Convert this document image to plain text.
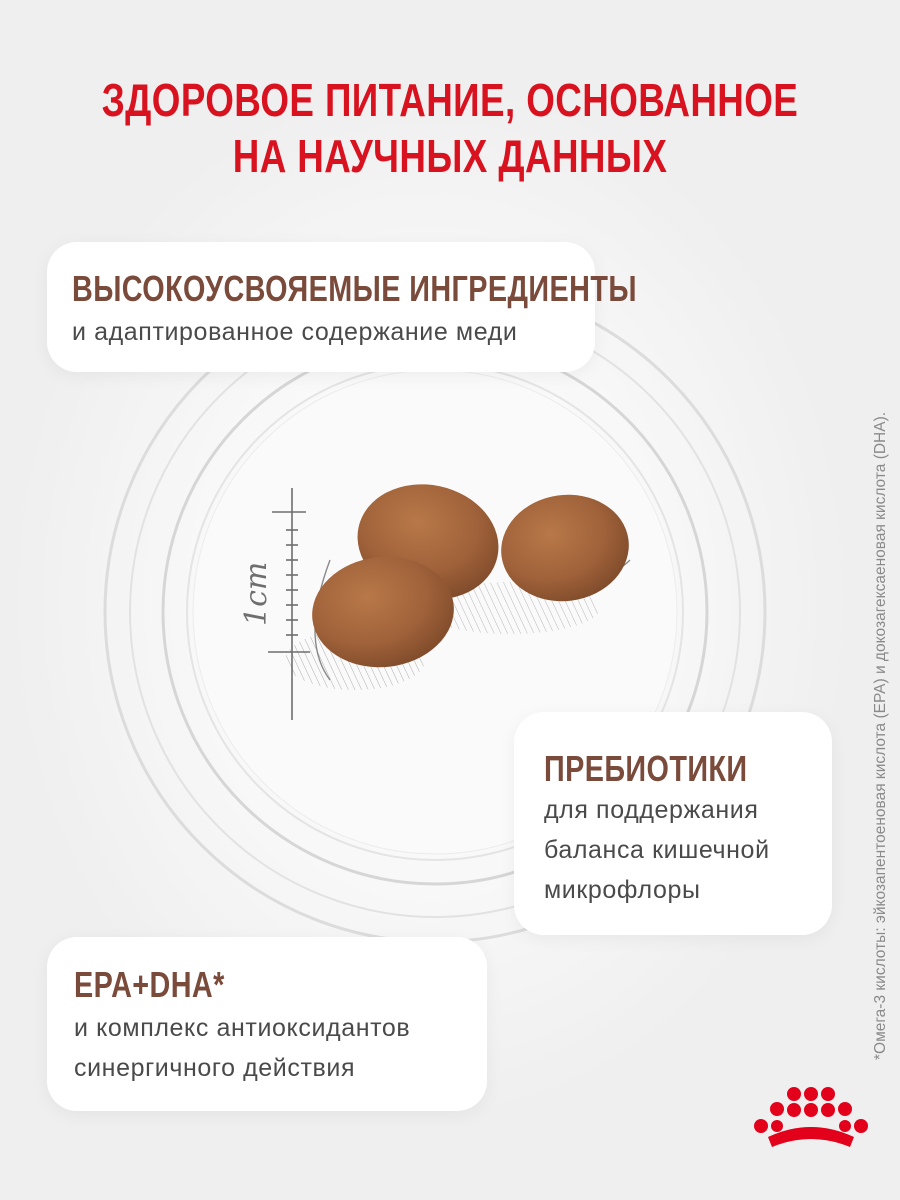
ЗДОРОВОЕ ПИТАНИЕ, ОСНОВАННОЕ
НА НАУЧНЫХ ДАННЫХ
1cm
ВЫСОКОУСВОЯЕМЫЕ ИНГРЕДИЕНТЫ
и адаптированное содержание меди
ПРЕБИОТИКИ
для поддержания
баланса кишечной
микрофлоры
EPA+DHA*
и комплекс антиоксидантов
синергичного действия
*Омега-3 кислоты: эйкозапентоеновая кислота (EPA) и докозагексаеновая кислота (DHA).
